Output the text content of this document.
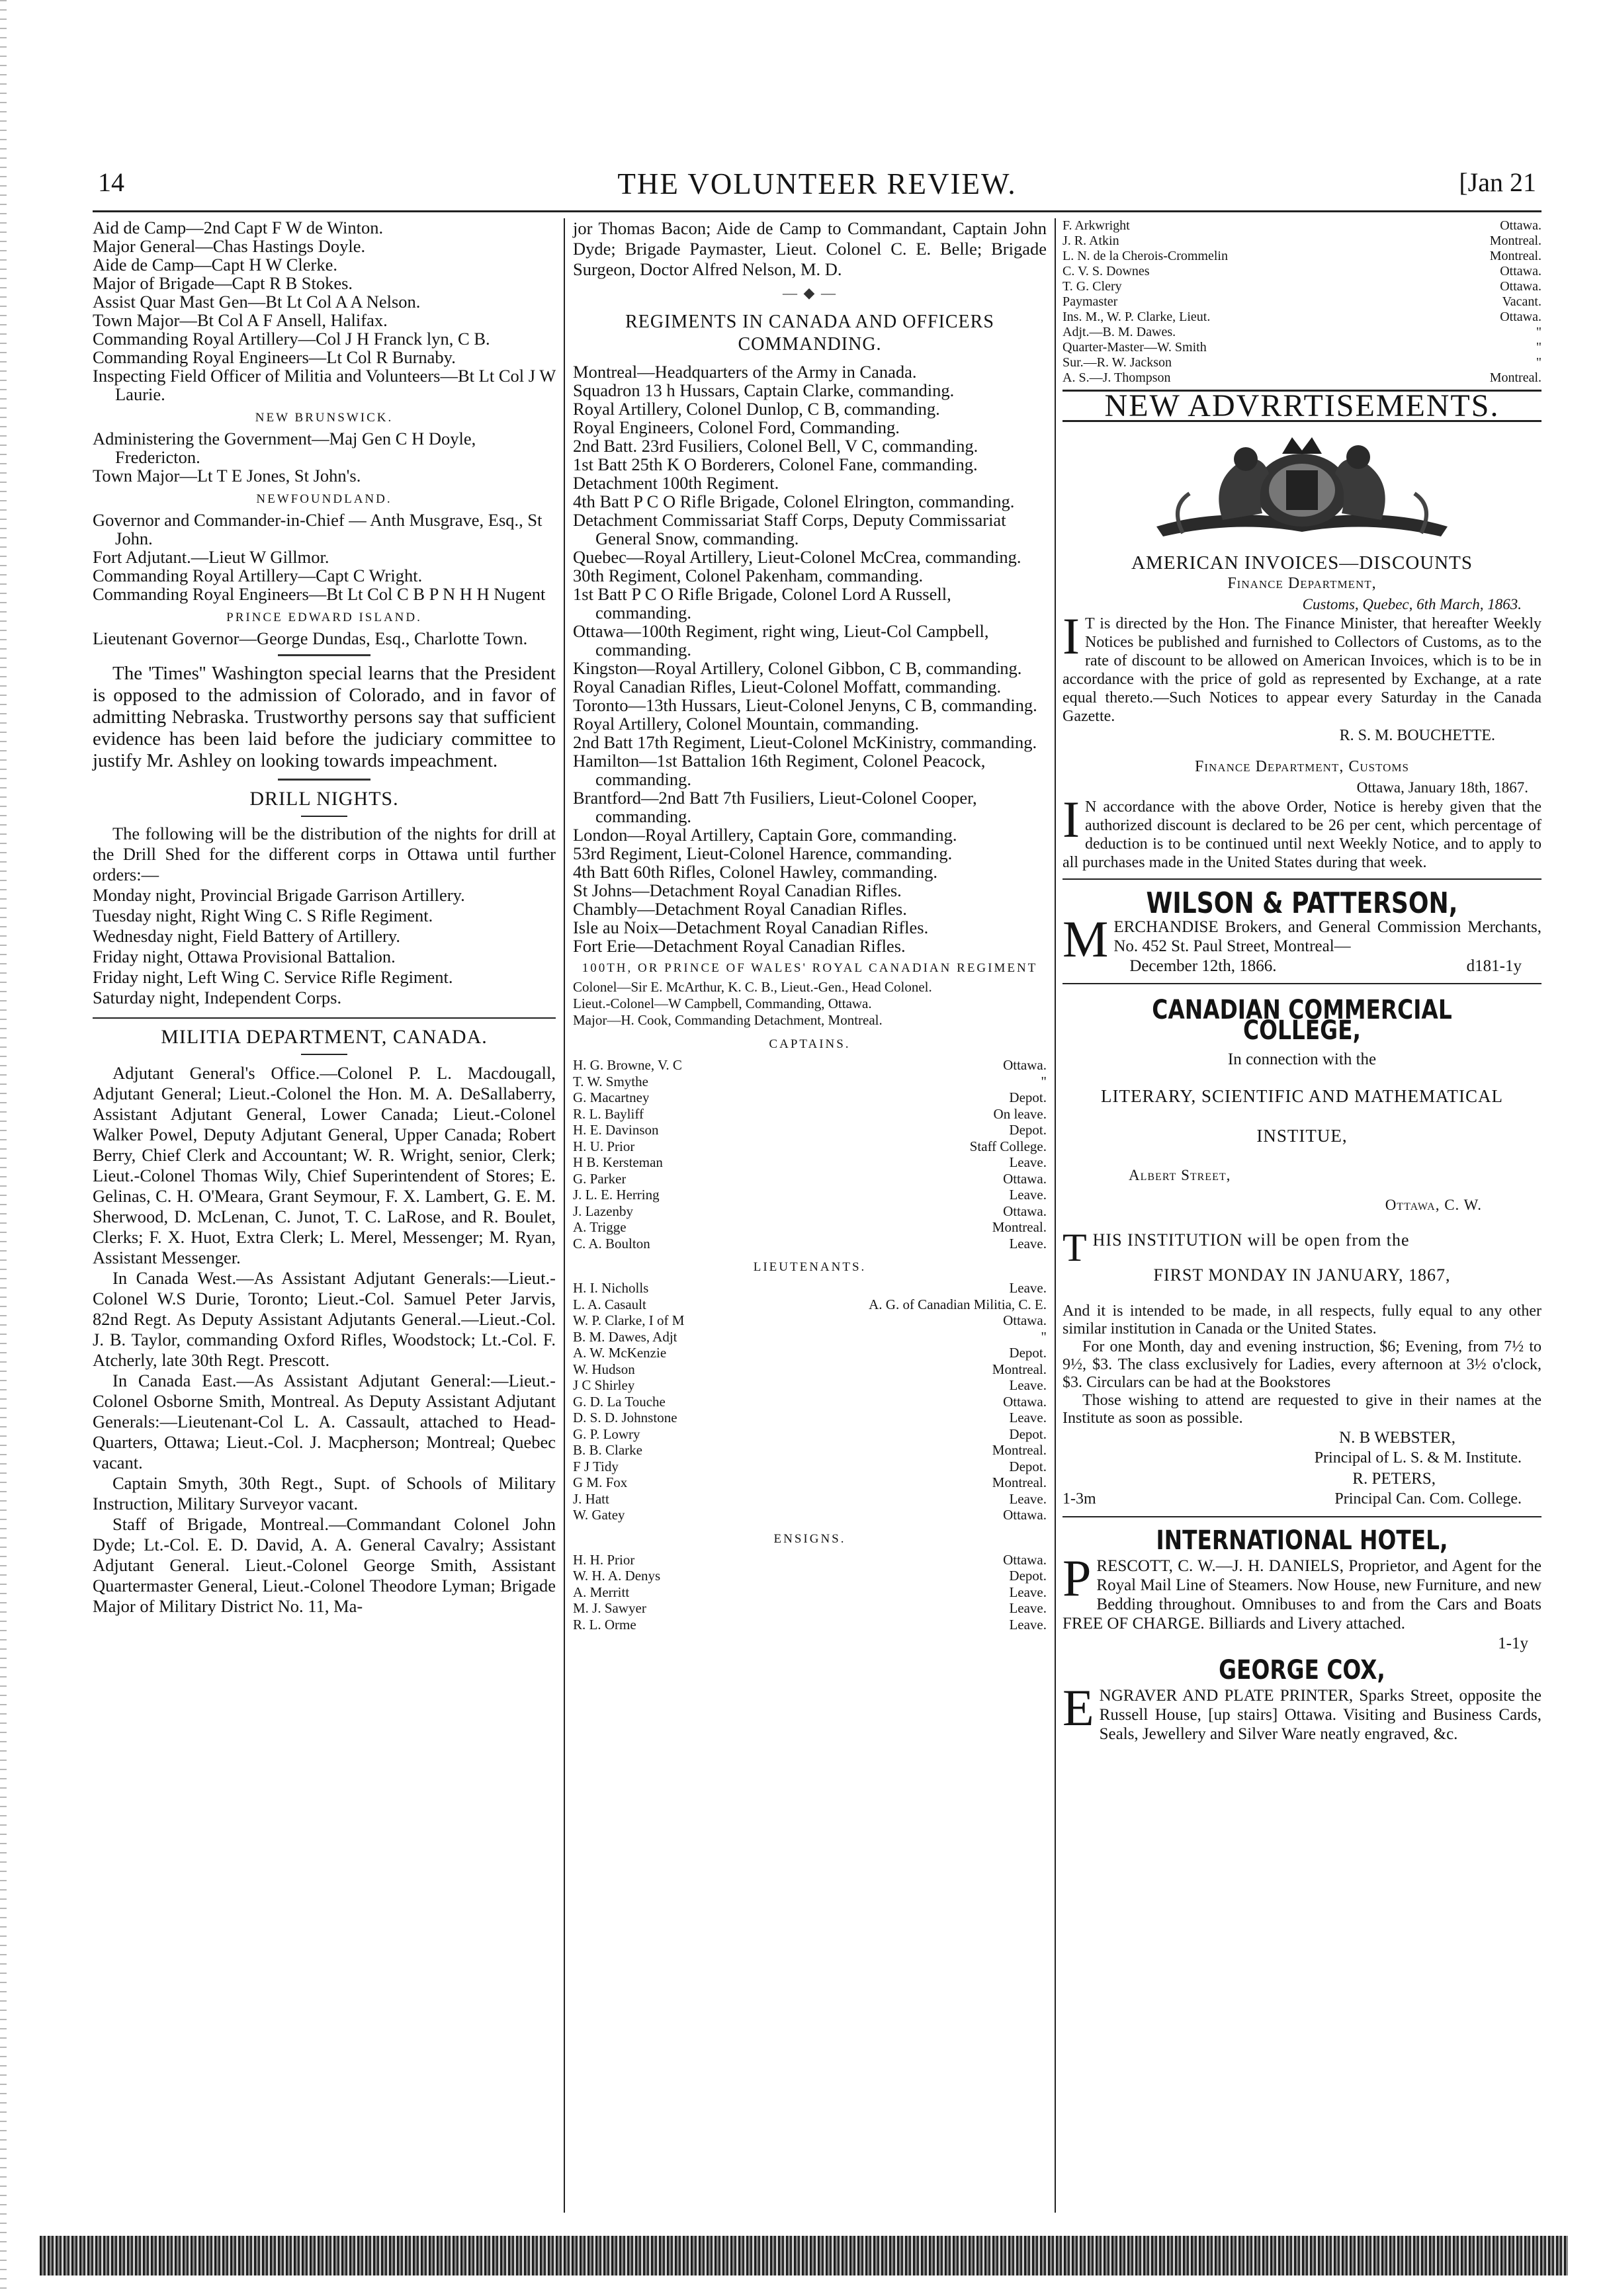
14	THE VOLUNTEER REVIEW.	[Jan 21

Aid de Camp—2nd Capt F W de Winton.

Major General—Chas Hastings Doyle.

Aide de Camp—Capt H W Clerke.

Major of Brigade—Capt R B Stokes.

Assist Quar Mast Gen—Bt Lt Col A A Nelson.

Town Major—Bt Col A F Ansell, Halifax.

Commanding Royal Artillery—Col J H Franck lyn, C B.

Commanding Royal Engineers—Lt Col R Burnaby.

Inspecting Field Officer of Militia and Volunteers—Bt Lt Col J W Laurie.

NEW BRUNSWICK.

Administering the Government—Maj Gen C H Doyle, Fredericton.

Town Major—Lt T E Jones, St John's.

NEWFOUNDLAND.

Governor and Commander-in-Chief — Anth Musgrave, Esq., St John.

Fort Adjutant.—Lieut W Gillmor.

Commanding Royal Artillery—Capt C Wright.

Commanding Royal Engineers—Bt Lt Col C B P N H H Nugent

PRINCE EDWARD ISLAND.

Lieutenant Governor—George Dundas, Esq., Charlotte Town.

The 'Times'' Washington special learns that the President is opposed to the admission of Colorado, and in favor of admitting Nebraska. Trustworthy persons say that sufficient evidence has been laid before the judiciary committee to justify Mr. Ashley on looking towards impeachment.

DRILL NIGHTS.

The following will be the distribution of the nights for drill at the Drill Shed for the different corps in Ottawa until further orders:—

Monday night, Provincial Brigade Garrison Artillery.

Tuesday night, Right Wing C. S Rifle Regiment.

Wednesday night, Field Battery of Artillery.

Friday night, Ottawa Provisional Battalion.

Friday night, Left Wing C. Service Rifle Regiment.

Saturday night, Independent Corps.

MILITIA DEPARTMENT, CANADA.

Adjutant General's Office.—Colonel P. L. Macdougall, Adjutant General; Lieut.-Colonel the Hon. M. A. DeSallaberry, Assistant Adjutant General, Lower Canada; Lieut.-Colonel Walker Powel, Deputy Adjutant General, Upper Canada; Robert Berry, Chief Clerk and Accountant; W. R. Wright, senior, Clerk; Lieut.-Colonel Thomas Wily, Chief Superintendent of Stores; E. Gelinas, C. H. O'Meara, Grant Seymour, F. X. Lambert, G. E. M. Sherwood, D. McLenan, C. Junot, T. C. LaRose, and R. Boulet, Clerks; F. X. Huot, Extra Clerk; L. Merel, Messenger; M. Ryan, Assistant Messenger.

In Canada West.—As Assistant Adjutant Generals:—Lieut.-Colonel W.S Durie, Toronto; Lieut.-Col. Samuel Peter Jarvis, 82nd Regt. As Deputy Assistant Adjutants General.—Lieut.-Col. J. B. Taylor, commanding Oxford Rifles, Woodstock; Lt.-Col. F. Atcherly, late 30th Regt. Prescott.

In Canada East.—As Assistant Adjutant General:—Lieut.-Colonel Osborne Smith, Montreal. As Deputy Assistant Adjutant Generals:—Lieutenant-Col L. A. Cassault, attached to Head-Quarters, Ottawa; Lieut.-Col. J. Macpherson; Montreal; Quebec vacant.

Captain Smyth, 30th Regt., Supt. of Schools of Military Instruction, Military Surveyor vacant.

Staff of Brigade, Montreal.—Commandant Colonel John Dyde; Lt.-Col. E. D. David, A. A. General Cavalry; Assistant Adjutant General. Lieut.-Colonel George Smith, Assistant Quartermaster General, Lieut.-Colonel Theodore Lyman; Brigade Major of Military District No. 11, Ma-

jor Thomas Bacon; Aide de Camp to Commandant, Captain John Dyde; Brigade Paymaster, Lieut. Colonel C. E. Belle; Brigade Surgeon, Doctor Alfred Nelson, M. D.

— ◆ —

REGIMENTS IN CANADA AND OFFICERS COMMANDING.

Montreal—Headquarters of the Army in Canada.

Squadron 13 h Hussars, Captain Clarke, commanding.

Royal Artillery, Colonel Dunlop, C B, commanding.

Royal Engineers, Colonel Ford, Commanding.

2nd Batt. 23rd Fusiliers, Colonel Bell, V C, commanding.

1st Batt 25th K O Borderers, Colonel Fane, commanding.

Detachment 100th Regiment.

4th Batt P C O Rifle Brigade, Colonel Elrington, commanding.

Detachment Commissariat Staff Corps, Deputy Commissariat General Snow, commanding.

Quebec—Royal Artillery, Lieut-Colonel McCrea, commanding.

30th Regiment, Colonel Pakenham, commanding.

1st Batt P C O Rifle Brigade, Colonel Lord A Russell, commanding.

Ottawa—100th Regiment, right wing, Lieut-Col Campbell, commanding.

Kingston—Royal Artillery, Colonel Gibbon, C B, commanding.

Royal Canadian Rifles, Lieut-Colonel Moffatt, commanding.

Toronto—13th Hussars, Lieut-Colonel Jenyns, C B, commanding.

Royal Artillery, Colonel Mountain, commanding.

2nd Batt 17th Regiment, Lieut-Colonel McKinistry, commanding.

Hamilton—1st Battalion 16th Regiment, Colonel Peacock, commanding.

Brantford—2nd Batt 7th Fusiliers, Lieut-Colonel Cooper, commanding.

London—Royal Artillery, Captain Gore, commanding.

53rd Regiment, Lieut-Colonel Harence, commanding.

4th Batt 60th Rifles, Colonel Hawley, commanding.

St Johns—Detachment Royal Canadian Rifles.

Chambly—Detachment Royal Canadian Rifles.

Isle au Noix—Detachment Royal Canadian Rifles.

Fort Erie—Detachment Royal Canadian Rifles.

100TH, OR PRINCE OF WALES' ROYAL CANADIAN REGIMENT

Colonel—Sir E. McArthur, K. C. B., Lieut.-Gen., Head Colonel.

Lieut.-Colonel—W Campbell, Commanding, Ottawa.

Major—H. Cook, Commanding Detachment, Montreal.

CAPTAINS.

H. G. Browne, V. C	Ottawa.
T. W. Smythe	"
G. Macartney	Depot.
R. L. Bayliff	On leave.
H. E. Davinson	Depot.
H. U. Prior	Staff College.
H B. Kersteman	Leave.
G. Parker	Ottawa.
J. L. E. Herring	Leave.
J. Lazenby	Ottawa.
A. Trigge	Montreal.
C. A. Boulton	Leave.

LIEUTENANTS.

H. I. Nicholls	Leave.
L. A. Casault	A. G. of Canadian Militia, C. E.
W. P. Clarke, I of M	Ottawa.
B. M. Dawes, Adjt	"
A. W. McKenzie	Depot.
W. Hudson	Montreal.
J C Shirley	Leave.
G. D. La Touche	Ottawa.
D. S. D. Johnstone	Leave.
G. P. Lowry	Depot.
B. B. Clarke	Montreal.
F J Tidy	Depot.
G M. Fox	Montreal.
J. Hatt	Leave.
W. Gatey	Ottawa.

ENSIGNS.

H. H. Prior	Ottawa.
W. H. A. Denys	Depot.
A. Merritt	Leave.
M. J. Sawyer	Leave.
R. L. Orme	Leave.
F. Arkwright	Ottawa.
J. R. Atkin	Montreal.
L. N. de la Cherois-Crommelin	Montreal.
C. V. S. Downes	Ottawa.
T. G. Clery	Ottawa.
Paymaster	Vacant.
Ins. M., W. P. Clarke, Lieut.	Ottawa.
Adjt.—B. M. Dawes.	"
Quarter-Master—W. Smith	"
Sur.—R. W. Jackson	"
A. S.—J. Thompson	Montreal.

NEW ADVRRTISEMENTS.

AMERICAN INVOICES—DISCOUNTS

Finance Department,

Customs, Quebec, 6th March, 1863.

I T is directed by the Hon. The Finance Minister, that hereafter Weekly Notices be published and furnished to Collectors of Customs, as to the rate of discount to be allowed on American Invoices, which is to be in accordance with the price of gold as represented by Exchange, at a rate equal thereto.—Such Notices to appear every Saturday in the Canada Gazette.

R. S. M. BOUCHETTE.

Finance Department, Customs

Ottawa, January 18th, 1867.

I N accordance with the above Order, Notice is hereby given that the authorized discount is declared to be 26 per cent, which percentage of deduction is to be continued until next Weekly Notice, and to apply to all purchases made in the United States during that week.

WILSON & PATTERSON,

MERCHANDISE Brokers, and General Commission Merchants, No. 452 St. Paul Street, Montreal—

December 12th, 1866.	d181-1y

CANADIAN COMMERCIAL COLLEGE,

In connection with the

LITERARY, SCIENTIFIC AND MATHEMATICAL INSTITUE,

Albert Street,

Ottawa, C. W.

THIS INSTITUTION will be open from the

FIRST MONDAY IN JANUARY, 1867,

And it is intended to be made, in all respects, fully equal to any other similar institution in Canada or the United States.

For one Month, day and evening instruction, $6; Evening, from 7½ to 9½, $3. The class exclusively for Ladies, every afternoon at 3½ o'clock, $3. Circulars can be had at the Bookstores

Those wishing to attend are requested to give in their names at the Institute as soon as possible.

N. B WEBSTER,

Principal of L. S. & M. Institute.

R. PETERS,

1-3m	Principal Can. Com. College.

INTERNATIONAL HOTEL,

PRESCOTT, C. W.—J. H. DANIELS, Proprietor, and Agent for the Royal Mail Line of Steamers. Now House, new Furniture, and new Bedding throughout. Omnibuses to and from the Cars and Boats FREE OF CHARGE. Billiards and Livery attached.

1-1y

GEORGE COX,

ENGRAVER AND PLATE PRINTER, Sparks Street, opposite the Russell House, [up stairs] Ottawa. Visiting and Business Cards, Seals, Jewellery and Silver Ware neatly engraved, &c.
